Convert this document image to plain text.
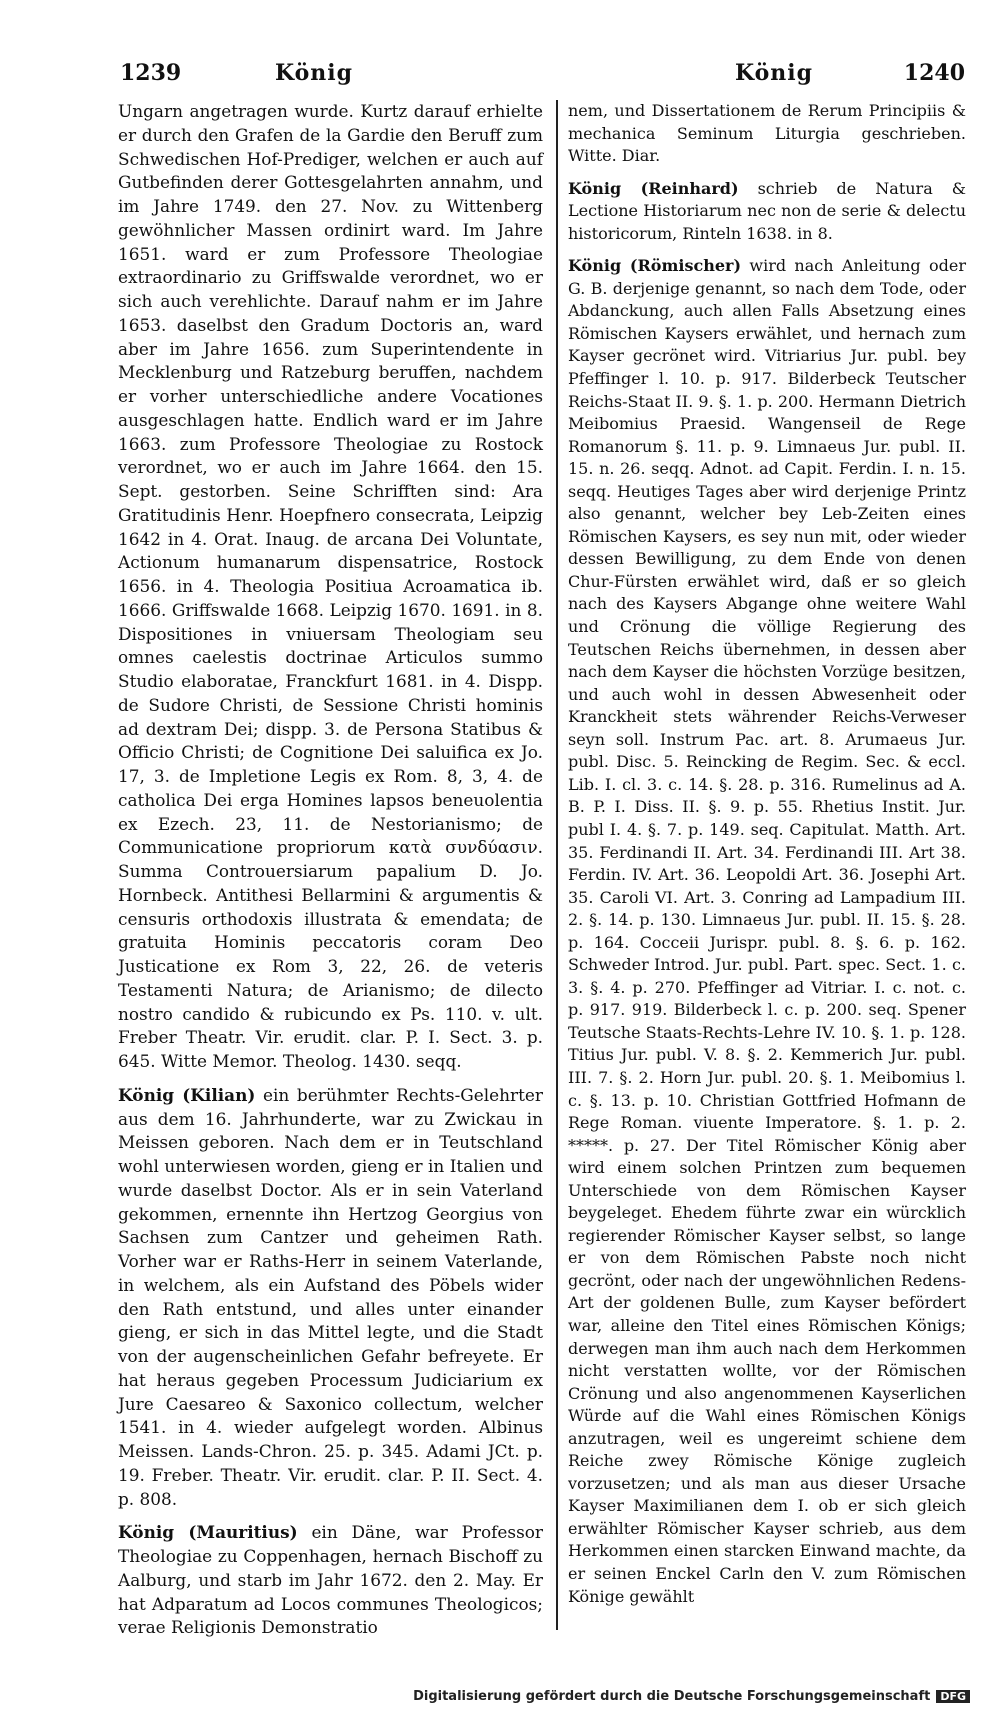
1239	König	König	1240

Ungarn angetragen wurde. Kurtz darauf erhielte er durch den Grafen de la Gardie den Beruff zum Schwedischen Hof-Prediger, welchen er auch auf Gutbefinden derer Gottesgelahrten annahm, und im Jahre 1749. den 27. Nov. zu Wittenberg gewöhnlicher Massen ordinirt ward. Im Jahre 1651. ward er zum Professore Theologiae extraordinario zu Griffswalde verordnet, wo er sich auch verehlichte. Darauf nahm er im Jahre 1653. daselbst den Gradum Doctoris an, ward aber im Jahre 1656. zum Superintendente in Mecklenburg und Ratzeburg beruffen, nachdem er vorher unterschiedliche andere Vocationes ausgeschlagen hatte. Endlich ward er im Jahre 1663. zum Professore Theologiae zu Rostock verordnet, wo er auch im Jahre 1664. den 15. Sept. gestorben. Seine Schrifften sind: Ara Gratitudinis Henr. Hoepfnero consecrata, Leipzig 1642 in 4. Orat. Inaug. de arcana Dei Voluntate, Actionum humanarum dispensatrice, Rostock 1656. in 4. Theologia Positiua Acroamatica ib. 1666. Griffswalde 1668. Leipzig 1670. 1691. in 8. Dispositiones in vniuersam Theologiam seu omnes caelestis doctrinae Articulos summo Studio elaboratae, Franckfurt 1681. in 4. Dispp. de Sudore Christi, de Sessione Christi hominis ad dextram Dei; dispp. 3. de Persona Statibus & Officio Christi; de Cognitione Dei saluifica ex Jo. 17, 3. de Impletione Legis ex Rom. 8, 3, 4. de catholica Dei erga Homines lapsos beneuolentia ex Ezech. 23, 11. de Nestorianismo; de Communicatione propriorum κατὰ συνδύασιν. Summa Controuersiarum papalium D. Jo. Hornbeck. Antithesi Bellarmini & argumentis & censuris orthodoxis illustrata & emendata; de gratuita Hominis peccatoris coram Deo Justicatione ex Rom 3, 22, 26. de veteris Testamenti Natura; de Arianismo; de dilecto nostro candido & rubicundo ex Ps. 110. v. ult. Freber Theatr. Vir. erudit. clar. P. I. Sect. 3. p. 645. Witte Memor. Theolog. 1430. seqq.

König (Kilian) ein berühmter Rechts-Gelehrter aus dem 16. Jahrhunderte, war zu Zwickau in Meissen geboren. Nach dem er in Teutschland wohl unterwiesen worden, gieng er in Italien und wurde daselbst Doctor. Als er in sein Vaterland gekommen, ernennte ihn Hertzog Georgius von Sachsen zum Cantzer und geheimen Rath. Vorher war er Raths-Herr in seinem Vaterlande, in welchem, als ein Aufstand des Pöbels wider den Rath entstund, und alles unter einander gieng, er sich in das Mittel legte, und die Stadt von der augenscheinlichen Gefahr befreyete. Er hat heraus gegeben Processum Judiciarium ex Jure Caesareo & Saxonico collectum, welcher 1541. in 4. wieder aufgelegt worden. Albinus Meissen. Lands-Chron. 25. p. 345. Adami JCt. p. 19. Freber. Theatr. Vir. erudit. clar. P. II. Sect. 4. p. 808.

König (Mauritius) ein Däne, war Professor Theologiae zu Coppenhagen, hernach Bischoff zu Aalburg, und starb im Jahr 1672. den 2. May. Er hat Adparatum ad Locos communes Theologicos; verae Religionis Demonstratio

nem, und Dissertationem de Rerum Principiis & mechanica Seminum Liturgia geschrieben. Witte. Diar.

König (Reinhard) schrieb de Natura & Lectione Historiarum nec non de serie & delectu historicorum, Rinteln 1638. in 8.

König (Römischer) wird nach Anleitung oder G. B. derjenige genannt, so nach dem Tode, oder Abdanckung, auch allen Falls Absetzung eines Römischen Kaysers erwählet, und hernach zum Kayser gecrönet wird. Vitriarius Jur. publ. bey Pfeffinger l. 10. p. 917. Bilderbeck Teutscher Reichs-Staat II. 9. §. 1. p. 200. Hermann Dietrich Meibomius Praesid. Wangenseil de Rege Romanorum §. 11. p. 9. Limnaeus Jur. publ. II. 15. n. 26. seqq. Adnot. ad Capit. Ferdin. I. n. 15. seqq. Heutiges Tages aber wird derjenige Printz also genannt, welcher bey Leb-Zeiten eines Römischen Kaysers, es sey nun mit, oder wieder dessen Bewilligung, zu dem Ende von denen Chur-Fürsten erwählet wird, daß er so gleich nach des Kaysers Abgange ohne weitere Wahl und Crönung die völlige Regierung des Teutschen Reichs übernehmen, in dessen aber nach dem Kayser die höchsten Vorzüge besitzen, und auch wohl in dessen Abwesenheit oder Kranckheit stets währender Reichs-Verweser seyn soll. Instrum Pac. art. 8. Arumaeus Jur. publ. Disc. 5. Reincking de Regim. Sec. & eccl. Lib. I. cl. 3. c. 14. §. 28. p. 316. Rumelinus ad A. B. P. I. Diss. II. §. 9. p. 55. Rhetius Instit. Jur. publ I. 4. §. 7. p. 149. seq. Capitulat. Matth. Art. 35. Ferdinandi II. Art. 34. Ferdinandi III. Art 38. Ferdin. IV. Art. 36. Leopoldi Art. 36. Josephi Art. 35. Caroli VI. Art. 3. Conring ad Lampadium III. 2. §. 14. p. 130. Limnaeus Jur. publ. II. 15. §. 28. p. 164. Cocceii Jurispr. publ. 8. §. 6. p. 162. Schweder Introd. Jur. publ. Part. spec. Sect. 1. c. 3. §. 4. p. 270. Pfeffinger ad Vitriar. I. c. not. c. p. 917. 919. Bilderbeck l. c. p. 200. seq. Spener Teutsche Staats-Rechts-Lehre IV. 10. §. 1. p. 128. Titius Jur. publ. V. 8. §. 2. Kemmerich Jur. publ. III. 7. §. 2. Horn Jur. publ. 20. §. 1. Meibomius l. c. §. 13. p. 10. Christian Gottfried Hofmann de Rege Roman. viuente Imperatore. §. 1. p. 2. *****. p. 27. Der Titel Römischer König aber wird einem solchen Printzen zum bequemen Unterschiede von dem Römischen Kayser beygeleget. Ehedem führte zwar ein würcklich regierender Römischer Kayser selbst, so lange er von dem Römischen Pabste noch nicht gecrönt, oder nach der ungewöhnlichen Redens-Art der goldenen Bulle, zum Kayser befördert war, alleine den Titel eines Römischen Königs; derwegen man ihm auch nach dem Herkommen nicht verstatten wollte, vor der Römischen Crönung und also angenommenen Kayserlichen Würde auf die Wahl eines Römischen Königs anzutragen, weil es ungereimt schiene dem Reiche zwey Römische Könige zugleich vorzusetzen; und als man aus dieser Ursache Kayser Maximilianen dem I. ob er sich gleich erwählter Römischer Kayser schrieb, aus dem Herkommen einen starcken Einwand machte, da er seinen Enckel Carln den V. zum Römischen Könige gewählt

Digitalisierung gefördert durch die Deutsche Forschungsgemeinschaft DFG
